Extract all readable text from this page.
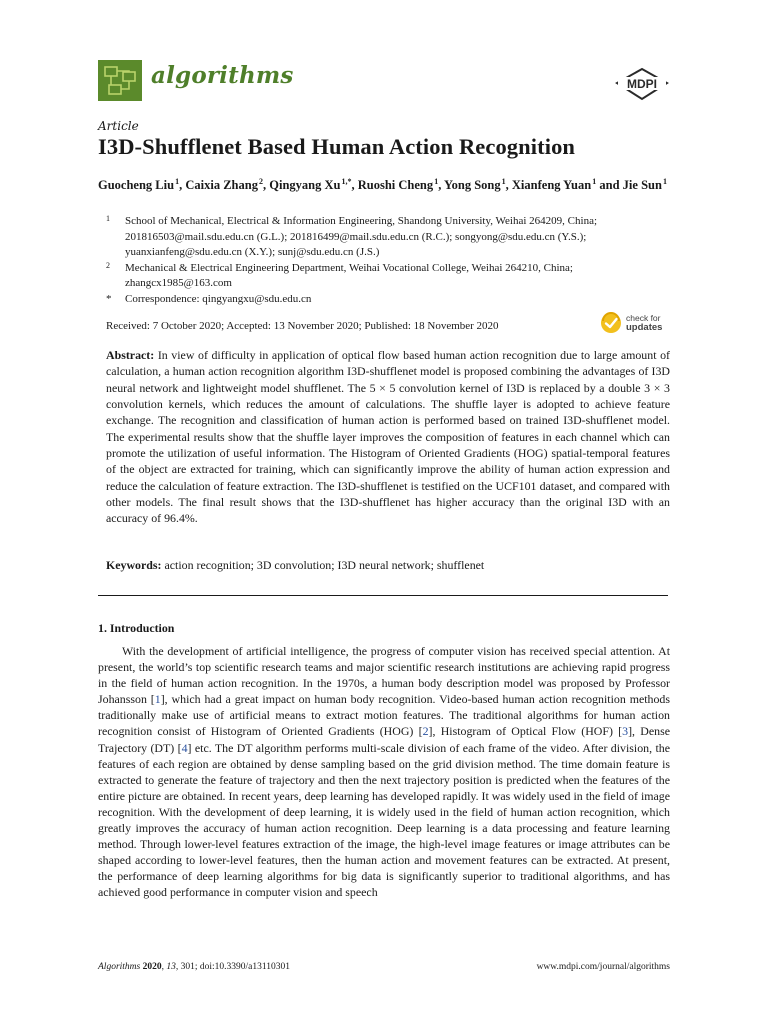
algorithms	MDPI
Article
I3D-Shufflenet Based Human Action Recognition
Guocheng Liu $^1$, Caixia Zhang $^2$, Qingyang Xu $^{1,*}$, Ruoshi Cheng $^1$, Yong Song $^1$, Xianfeng Yuan $^1$ and Jie Sun $^1$
1 School of Mechanical, Electrical & Information Engineering, Shandong University, Weihai 264209, China; 201816503@mail.sdu.edu.cn (G.L.); 201816499@mail.sdu.edu.cn (R.C.); songyong@sdu.edu.cn (Y.S.); yuanxianfeng@sdu.edu.cn (X.Y.); sunj@sdu.edu.cn (J.S.)
2 Mechanical & Electrical Engineering Department, Weihai Vocational College, Weihai 264210, China; zhangcx1985@163.com
* Correspondence: qingyangxu@sdu.edu.cn
Received: 7 October 2020; Accepted: 13 November 2020; Published: 18 November 2020
check for
updates
Abstract: In view of difficulty in application of optical flow based human action recognition due to large amount of calculation, a human action recognition algorithm I3D-shufflenet model is proposed combining the advantages of I3D neural network and lightweight model shufflenet. The 5 × 5 convolution kernel of I3D is replaced by a double 3 × 3 convolution kernels, which reduces the amount of calculations. The shuffle layer is adopted to achieve feature exchange. The recognition and classification of human action is performed based on trained I3D-shufflenet model. The experimental results show that the shuffle layer improves the composition of features in each channel which can promote the utilization of useful information. The Histogram of Oriented Gradients (HOG) spatial-temporal features of the object are extracted for training, which can significantly improve the ability of human action expression and reduce the calculation of feature extraction. The I3D-shufflenet is testified on the UCF101 dataset, and compared with other models. The final result shows that the I3D-shufflenet has higher accuracy than the original I3D with an accuracy of 96.4%.
Keywords: action recognition; 3D convolution; I3D neural network; shufflenet
1. Introduction
With the development of artificial intelligence, the progress of computer vision has received special attention. At present, the world’s top scientific research teams and major scientific research institutions are achieving rapid progress in the field of human action recognition. In the 1970s, a human body description model was proposed by Professor Johansson [1], which had a great impact on human body recognition. Video-based human action recognition methods traditionally make use of artificial means to extract motion features. The traditional algorithms for human action recognition consist of Histogram of Oriented Gradients (HOG) [2], Histogram of Optical Flow (HOF) [3], Dense Trajectory (DT) [4] etc. The DT algorithm performs multi-scale division of each frame of the video. After division, the features of each region are obtained by dense sampling based on the grid division method. The time domain feature is extracted to generate the feature of trajectory and then the next trajectory position is predicted when the features of the entire picture are obtained. In recent years, deep learning has developed rapidly. It was widely used in the field of image recognition. With the development of deep learning, it is widely used in the field of human action recognition, which greatly improves the accuracy of human action recognition. Deep learning is a data processing and feature learning method. Through lower-level features extraction of the image, the high-level image features or image attributes can be shaped according to lower-level features, then the human action and movement features can be extracted. At present, the performance of deep learning algorithms for big data is significantly superior to traditional algorithms, and has achieved good performance in computer vision and speech
Algorithms 2020, 13, 301; doi:10.3390/a13110301	www.mdpi.com/journal/algorithms
